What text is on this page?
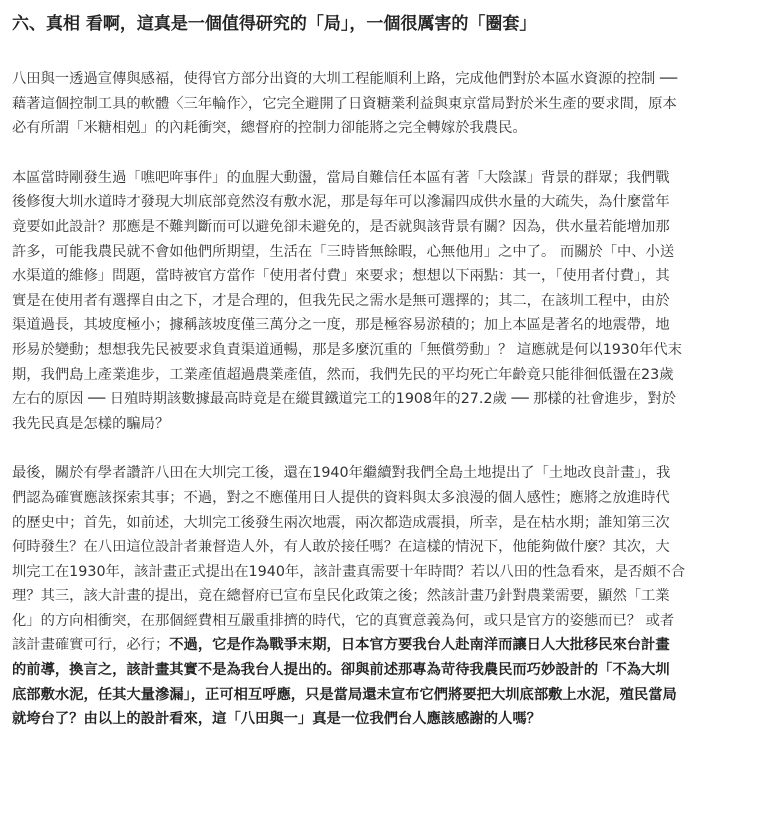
六、真相 看啊，這真是一個值得研究的「局」，一個很厲害的「圈套」

八田與一透過宣傳與感褔，使得官方部分出資的大圳工程能順利上路，完成他們對於本區水資源的控制 ──
藉著這個控制工具的軟體〈三年輪作〉，它完全避開了日資糖業利益與東京當局對於米生產的要求間，原本
必有所謂「米糖相剋」的內耗衝突，總督府的控制力卻能將之完全轉嫁於我農民。

本區當時剛發生過「噍吧哖事件」的血腥大動盪，當局自難信任本區有著「大陰謀」背景的群眾；我們戰
後修復大圳水道時才發現大圳底部竟然沒有敷水泥，那是每年可以滲漏四成供水量的大疏失，為什麼當年
竟要如此設計？那應是不難判斷而可以避免卻未避免的，是否就與該背景有關？因為，供水量若能增加那
許多，可能我農民就不會如他們所期望，生活在「三時皆無餘暇，心無他用」之中了。 而關於「中、小送
水渠道的維修」問題，當時被官方當作「使用者付費」來要求；想想以下兩點：其一，「使用者付費」，其
實是在使用者有選擇自由之下，才是合理的，但我先民之需水是無可選擇的；其二，在該圳工程中，由於
渠道過長，其坡度極小；據稱該坡度僅三萬分之一度，那是極容易淤積的；加上本區是著名的地震帶，地
形易於變動；想想我先民被要求負責渠道通暢，那是多麼沉重的「無償勞動」？ 這應就是何以1930年代末
期，我們島上產業進步，工業產值超過農業產值，然而，我們先民的平均死亡年齡竟只能徘徊低盪在23歲
左右的原因 ── 日殖時期該數據最高時竟是在縱貫鐵道完工的1908年的27.2歲 ── 那樣的社會進步，對於
我先民真是怎樣的騙局？

最後，關於有學者讚許八田在大圳完工後，還在1940年繼續對我們全島土地提出了「土地改良計畫」，我
們認為確實應該探索其事；不過，對之不應僅用日人提供的資料與太多浪漫的個人感性；應將之放進時代
的歷史中；首先，如前述，大圳完工後發生兩次地震，兩次都造成震損，所幸，是在枯水期；誰知第三次
何時發生？在八田這位設計者兼督造人外，有人敢於接任嗎？在這樣的情況下，他能夠做什麼？其次，大
圳完工在1930年，該計畫正式提出在1940年，該計畫真需要十年時間？若以八田的性急看來，是否頗不合
理？其三，該大計畫的提出，竟在總督府已宣布皇民化政策之後；然該計畫乃針對農業需要，顯然「工業
化」的方向相衝突，在那個經費相互嚴重排擠的時代，它的真實意義為何，或只是官方的姿態而已？ 或者
該計畫確實可行，必行；不過，它是作為戰爭末期，日本官方要我台人赴南洋而讓日人大批移民來台計畫
的前導，換言之，該計畫其實不是為我台人提出的。卻與前述那專為苛待我農民而巧妙設計的「不為大圳
底部敷水泥，任其大量滲漏」，正可相互呼應，只是當局還未宣布它們將要把大圳底部敷上水泥，殖民當局
就垮台了？由以上的設計看來，這「八田與一」真是一位我們台人應該感謝的人嗎？
